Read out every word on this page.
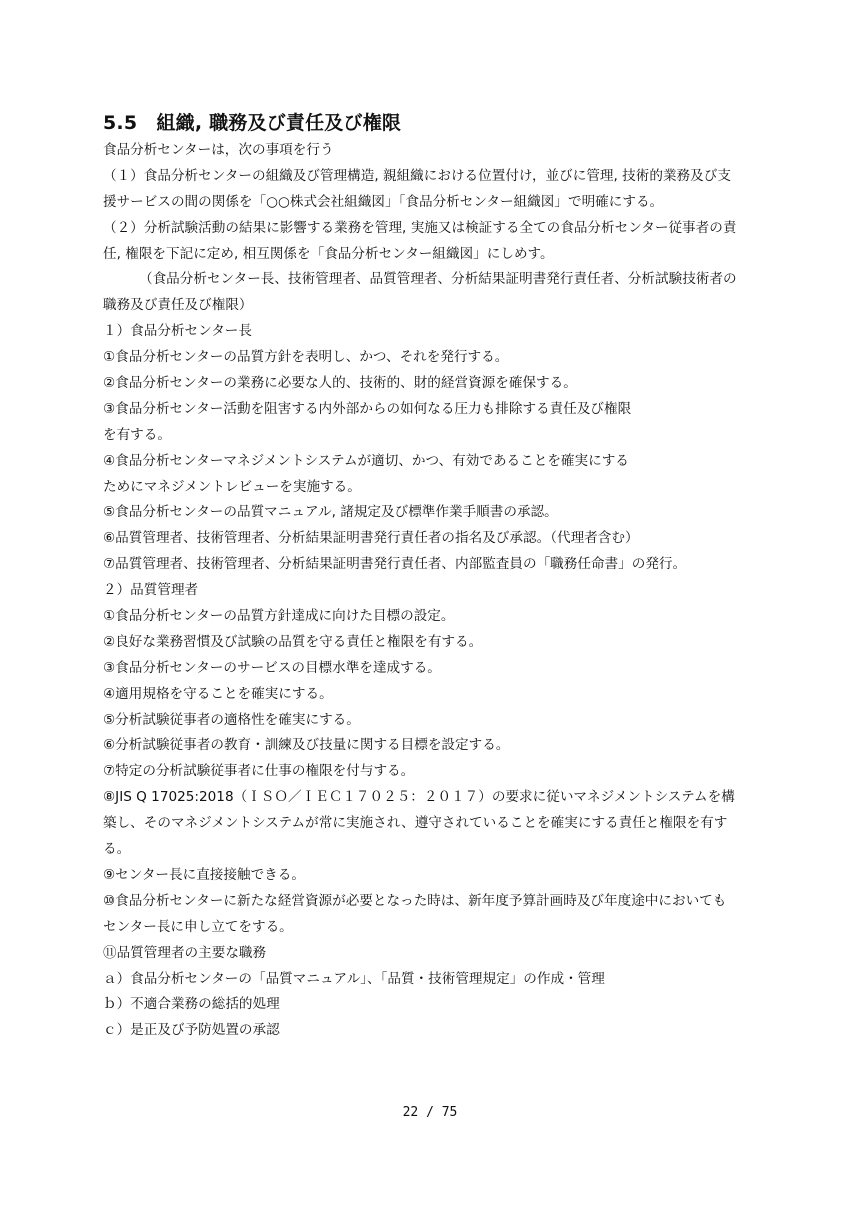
5.5　組織, 職務及び責任及び権限
食品分析センターは，次の事項を行う
（１）食品分析センターの組織及び管理構造, 親組織における位置付け，並びに管理, 技術的業務及び支
援サービスの間の関係を「○○株式会社組織図」「食品分析センター組織図」で明確にする。
（２）分析試験活動の結果に影響する業務を管理, 実施又は検証する全ての食品分析センター従事者の責
任, 権限を下記に定め, 相互関係を「食品分析センター組織図」にしめす。
（食品分析センター長、技術管理者、品質管理者、分析結果証明書発行責任者、分析試験技術者の
職務及び責任及び権限）
１）食品分析センター長
①食品分析センターの品質方針を表明し、かつ、それを発行する。
②食品分析センターの業務に必要な人的、技術的、財的経営資源を確保する。
③食品分析センター活動を阻害する内外部からの如何なる圧力も排除する責任及び権限
を有する。
④食品分析センターマネジメントシステムが適切、かつ、有効であることを確実にする
ためにマネジメントレビューを実施する。
⑤食品分析センターの品質マニュアル, 諸規定及び標準作業手順書の承認。
⑥品質管理者、技術管理者、分析結果証明書発行責任者の指名及び承認。（代理者含む）
⑦品質管理者、技術管理者、分析結果証明書発行責任者、内部監査員の「職務任命書」の発行。
２）品質管理者
①食品分析センターの品質方針達成に向けた目標の設定。
②良好な業務習慣及び試験の品質を守る責任と権限を有する。
③食品分析センターのサービスの目標水準を達成する。
④適用規格を守ることを確実にする。
⑤分析試験従事者の適格性を確実にする。
⑥分析試験従事者の教育・訓練及び技量に関する目標を設定する。
⑦特定の分析試験従事者に仕事の権限を付与する。
⑧JIS Q 17025:2018（ＩＳＯ／ＩＥＣ１７０２５：２０１７）の要求に従いマネジメントシステムを構
築し、そのマネジメントシステムが常に実施され、遵守されていることを確実にする責任と権限を有す
る。
⑨センター長に直接接触できる。
⑩食品分析センターに新たな経営資源が必要となった時は、新年度予算計画時及び年度途中においても
センター長に申し立てをする。
⑪品質管理者の主要な職務
ａ）食品分析センターの「品質マニュアル」、「品質・技術管理規定」の作成・管理
ｂ）不適合業務の総括的処理
ｃ）是正及び予防処置の承認
22 / 75
